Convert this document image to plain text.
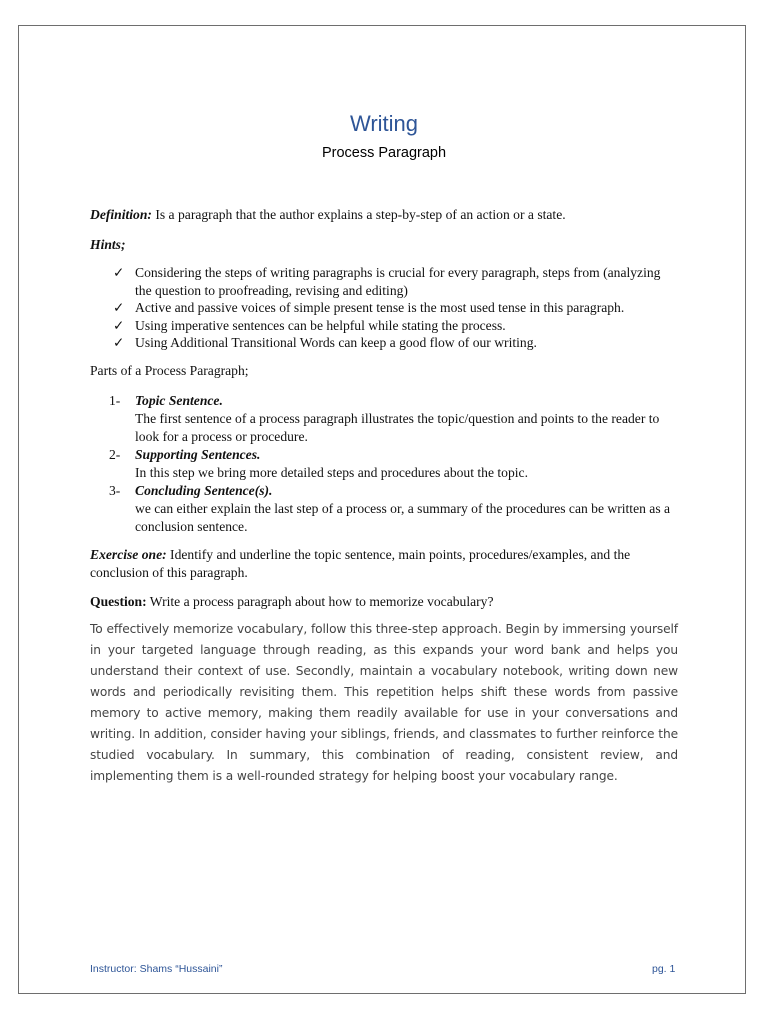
Writing
Process Paragraph
Definition: Is a paragraph that the author explains a step-by-step of an action or a state.
Hints;
✓ Considering the steps of writing paragraphs is crucial for every paragraph, steps from (analyzing the question to proofreading, revising and editing)
✓ Active and passive voices of simple present tense is the most used tense in this paragraph.
✓ Using imperative sentences can be helpful while stating the process.
✓ Using Additional Transitional Words can keep a good flow of our writing.
Parts of a Process Paragraph;
1- Topic Sentence.
The first sentence of a process paragraph illustrates the topic/question and points to the reader to look for a process or procedure.
2- Supporting Sentences.
In this step we bring more detailed steps and procedures about the topic.
3- Concluding Sentence(s).
we can either explain the last step of a process or, a summary of the procedures can be written as a conclusion sentence.
Exercise one: Identify and underline the topic sentence, main points, procedures/examples, and the conclusion of this paragraph.
Question: Write a process paragraph about how to memorize vocabulary?
To effectively memorize vocabulary, follow this three-step approach. Begin by immersing yourself in your targeted language through reading, as this expands your word bank and helps you understand their context of use. Secondly, maintain a vocabulary notebook, writing down new words and periodically revisiting them. This repetition helps shift these words from passive memory to active memory, making them readily available for use in your conversations and writing. In addition, consider having your siblings, friends, and classmates to further reinforce the studied vocabulary. In summary, this combination of reading, consistent review, and implementing them is a well-rounded strategy for helping boost your vocabulary range.
Instructor: Shams “Hussaini”	pg. 1
